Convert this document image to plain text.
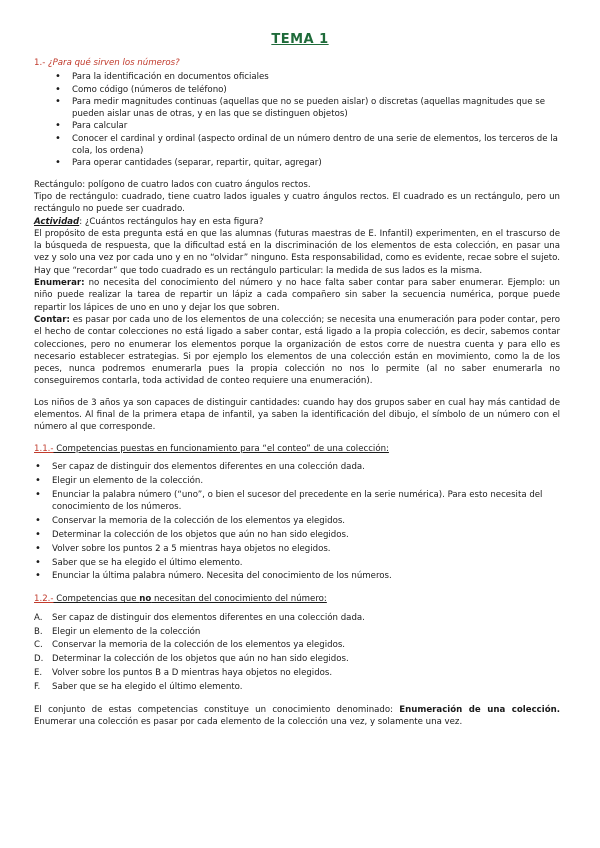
TEMA 1

1.- ¿Para qué sirven los números?

• Para la identificación en documentos oficiales
• Como código (números de teléfono)
• Para medir magnitudes continuas (aquellas que no se pueden aislar) o discretas (aquellas magnitudes que se pueden aislar unas de otras, y en las que se distinguen objetos)
• Para calcular
• Conocer el cardinal y ordinal (aspecto ordinal de un número dentro de una serie de elementos, los terceros de la cola, los ordena)
• Para operar cantidades (separar, repartir, quitar, agregar)

Rectángulo: polígono de cuatro lados con cuatro ángulos rectos.

Tipo de rectángulo: cuadrado, tiene cuatro lados iguales y cuatro ángulos rectos. El cuadrado es un rectángulo, pero un rectángulo no puede ser cuadrado.

Actividad: ¿Cuántos rectángulos hay en esta figura?

El propósito de esta pregunta está en que las alumnas (futuras maestras de E. Infantil) experimenten, en el trascurso de la búsqueda de respuesta, que la dificultad está en la discriminación de los elementos de esta colección, en pasar una vez y solo una vez por cada uno y en no “olvidar” ninguno. Esta responsabilidad, como es evidente, recae sobre el sujeto. Hay que “recordar” que todo cuadrado es un rectángulo particular: la medida de sus lados es la misma.

Enumerar: no necesita del conocimiento del número y no hace falta saber contar para saber enumerar. Ejemplo: un niño puede realizar la tarea de repartir un lápiz a cada compañero sin saber la secuencia numérica, porque puede repartir los lápices de uno en uno y dejar los que sobren.

Contar: es pasar por cada uno de los elementos de una colección; se necesita una enumeración para poder contar, pero el hecho de contar colecciones no está ligado a saber contar, está ligado a la propia colección, es decir, sabemos contar colecciones, pero no enumerar los elementos porque la organización de estos corre de nuestra cuenta y para ello es necesario establecer estrategias. Si por ejemplo los elementos de una colección están en movimiento, como la de los peces, nunca podremos enumerarla pues la propia colección no nos lo permite (al no saber enumerarla no conseguiremos contarla, toda actividad de conteo requiere una enumeración).

Los niños de 3 años ya son capaces de distinguir cantidades: cuando hay dos grupos saber en cual hay más cantidad de elementos. Al final de la primera etapa de infantil, ya saben la identificación del dibujo, el símbolo de un número con el número al que corresponde.

1.1.- Competencias puestas en funcionamiento para “el conteo” de una colección:

• Ser capaz de distinguir dos elementos diferentes en una colección dada.
• Elegir un elemento de la colección.
• Enunciar la palabra número (“uno”, o bien el sucesor del precedente en la serie numérica). Para esto necesita del conocimiento de los números.
• Conservar la memoria de la colección de los elementos ya elegidos.
• Determinar la colección de los objetos que aún no han sido elegidos.
• Volver sobre los puntos 2 a 5 mientras haya objetos no elegidos.
• Saber que se ha elegido el último elemento.
• Enunciar la última palabra número. Necesita del conocimiento de los números.

1.2.- Competencias que no necesitan del conocimiento del número:

A. Ser capaz de distinguir dos elementos diferentes en una colección dada.
B. Elegir un elemento de la colección
C. Conservar la memoria de la colección de los elementos ya elegidos.
D. Determinar la colección de los objetos que aún no han sido elegidos.
E. Volver sobre los puntos B a D mientras haya objetos no elegidos.
F. Saber que se ha elegido el último elemento.

El conjunto de estas competencias constituye un conocimiento denominado: Enumeración de una colección. Enumerar una colección es pasar por cada elemento de la colección una vez, y solamente una vez.
